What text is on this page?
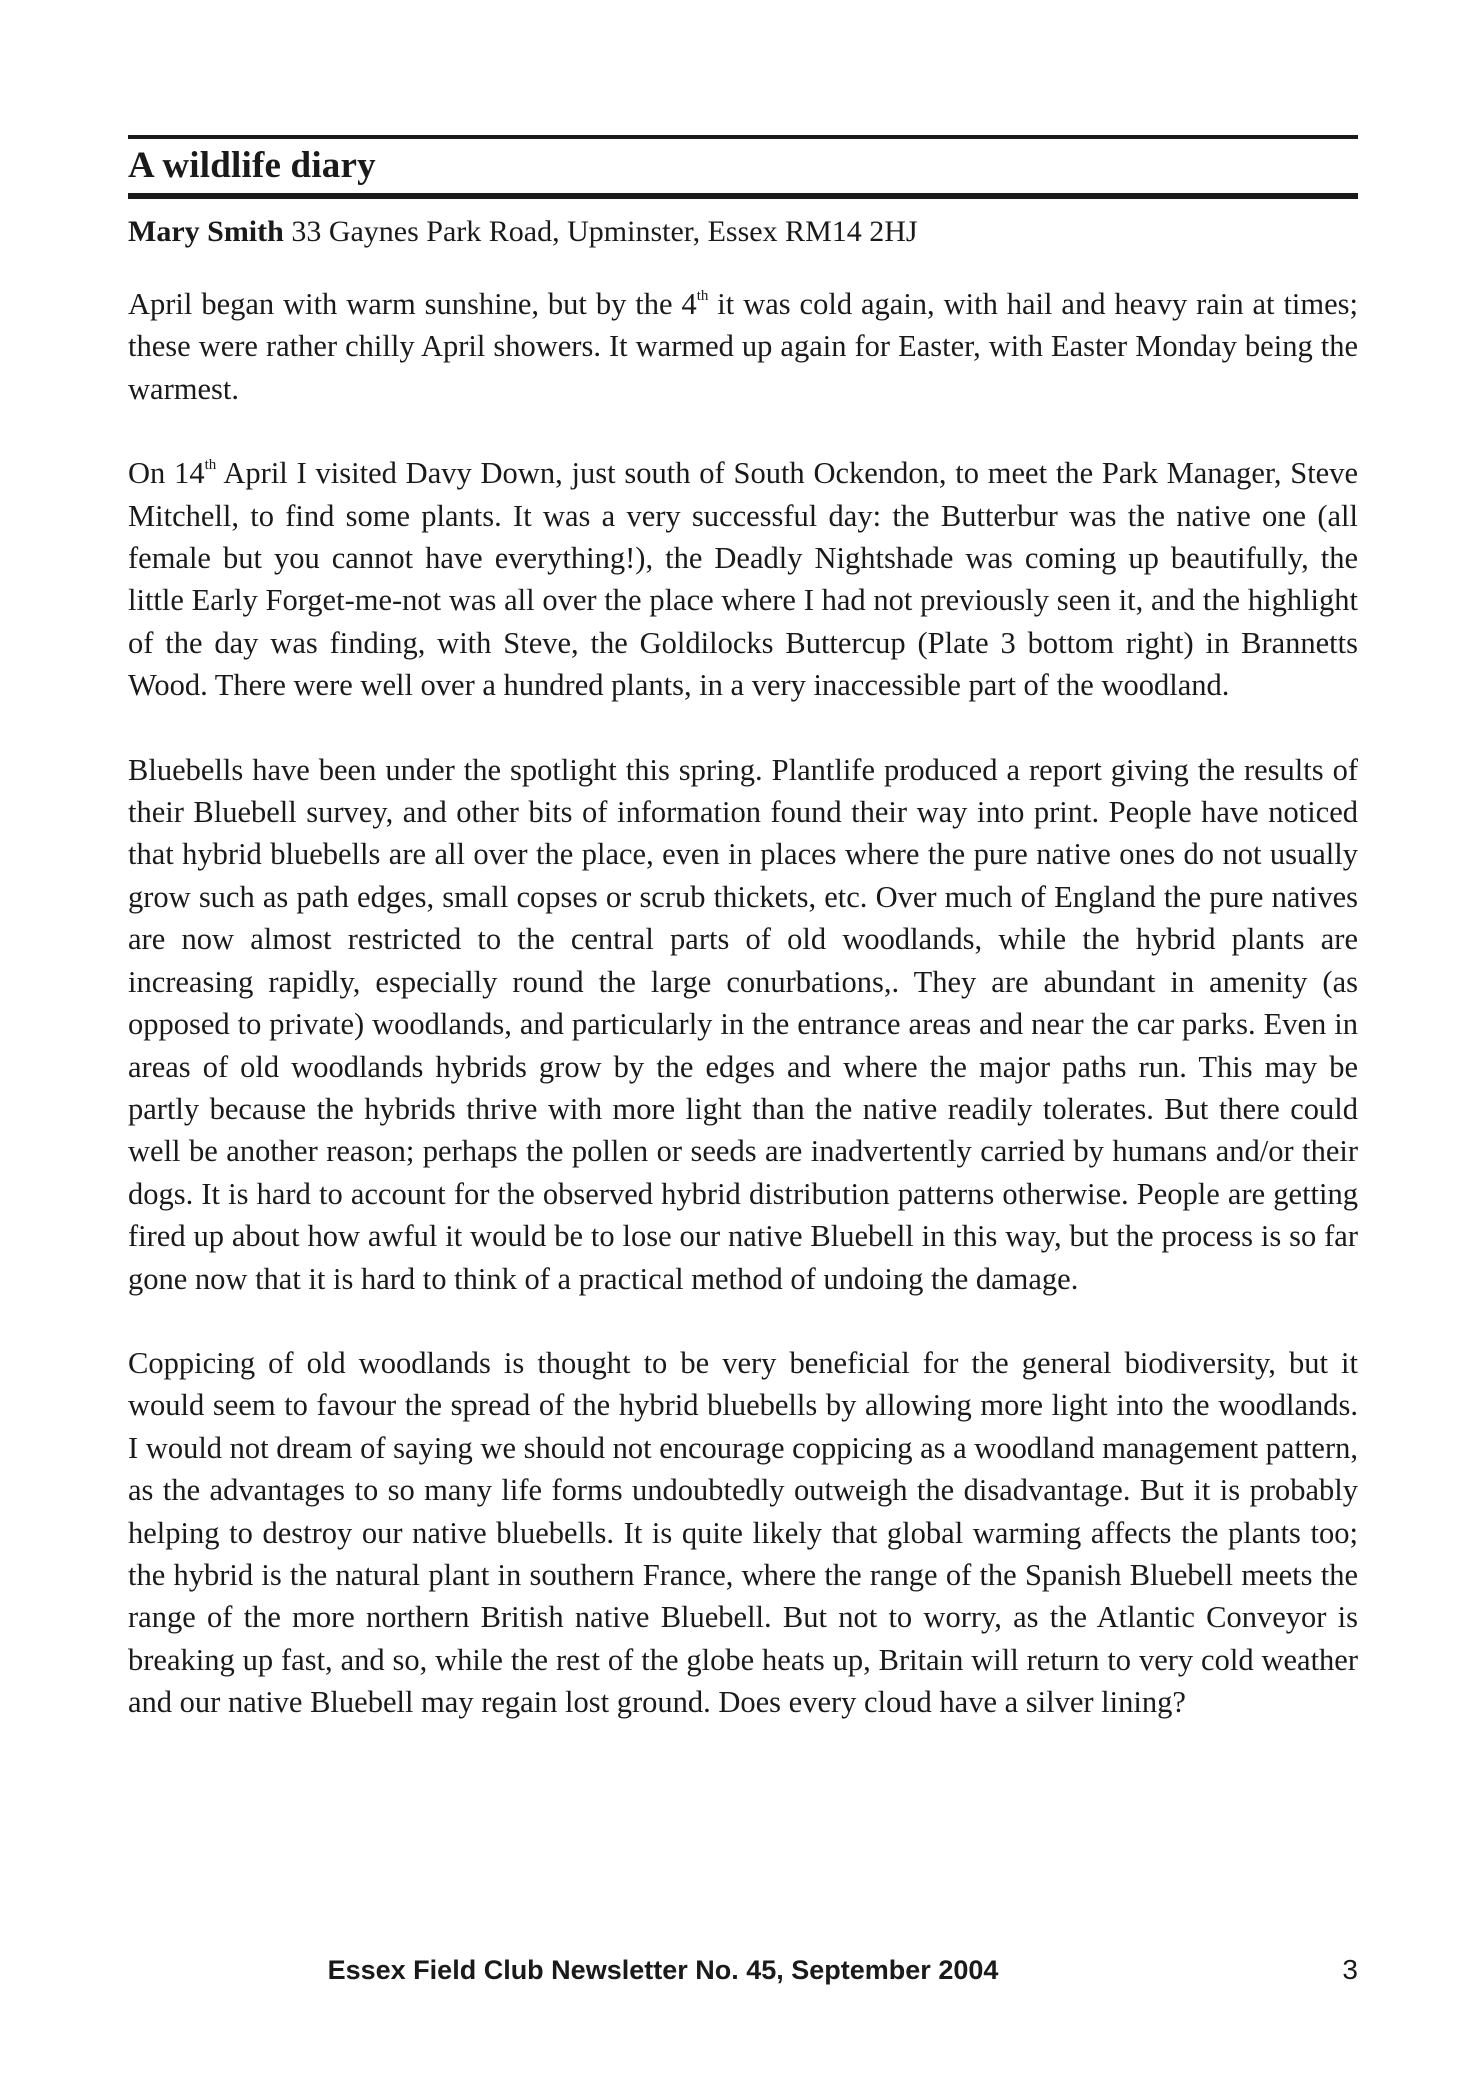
A wildlife diary

Mary Smith 33 Gaynes Park Road, Upminster, Essex RM14 2HJ

April began with warm sunshine, but by the 4th it was cold again, with hail and heavy rain at times; these were rather chilly April showers. It warmed up again for Easter, with Easter Monday being the warmest.

On 14th April I visited Davy Down, just south of South Ockendon, to meet the Park Manager, Steve Mitchell, to find some plants. It was a very successful day: the Butterbur was the native one (all female but you cannot have everything!), the Deadly Nightshade was coming up beautifully, the little Early Forget-me-not was all over the place where I had not previously seen it, and the highlight of the day was finding, with Steve, the Goldilocks Buttercup (Plate 3 bottom right) in Brannetts Wood. There were well over a hundred plants, in a very inaccessible part of the woodland.

Bluebells have been under the spotlight this spring. Plantlife produced a report giving the results of their Bluebell survey, and other bits of information found their way into print. People have noticed that hybrid bluebells are all over the place, even in places where the pure native ones do not usually grow such as path edges, small copses or scrub thickets, etc. Over much of England the pure natives are now almost restricted to the central parts of old woodlands, while the hybrid plants are increasing rapidly, especially round the large conurbations,. They are abundant in amenity (as opposed to private) woodlands, and particularly in the entrance areas and near the car parks. Even in areas of old woodlands hybrids grow by the edges and where the major paths run. This may be partly because the hybrids thrive with more light than the native readily tolerates. But there could well be another reason; perhaps the pollen or seeds are inadvertently carried by humans and/or their dogs. It is hard to account for the observed hybrid distribution patterns otherwise. People are getting fired up about how awful it would be to lose our native Bluebell in this way, but the process is so far gone now that it is hard to think of a practical method of undoing the damage.

Coppicing of old woodlands is thought to be very beneficial for the general biodiversity, but it would seem to favour the spread of the hybrid bluebells by allowing more light into the woodlands. I would not dream of saying we should not encourage coppicing as a woodland management pattern, as the advantages to so many life forms undoubtedly outweigh the disadvantage. But it is probably helping to destroy our native bluebells. It is quite likely that global warming affects the plants too; the hybrid is the natural plant in southern France, where the range of the Spanish Bluebell meets the range of the more northern British native Bluebell. But not to worry, as the Atlantic Conveyor is breaking up fast, and so, while the rest of the globe heats up, Britain will return to very cold weather and our native Bluebell may regain lost ground. Does every cloud have a silver lining?

Essex Field Club Newsletter No. 45, September 2004	3
